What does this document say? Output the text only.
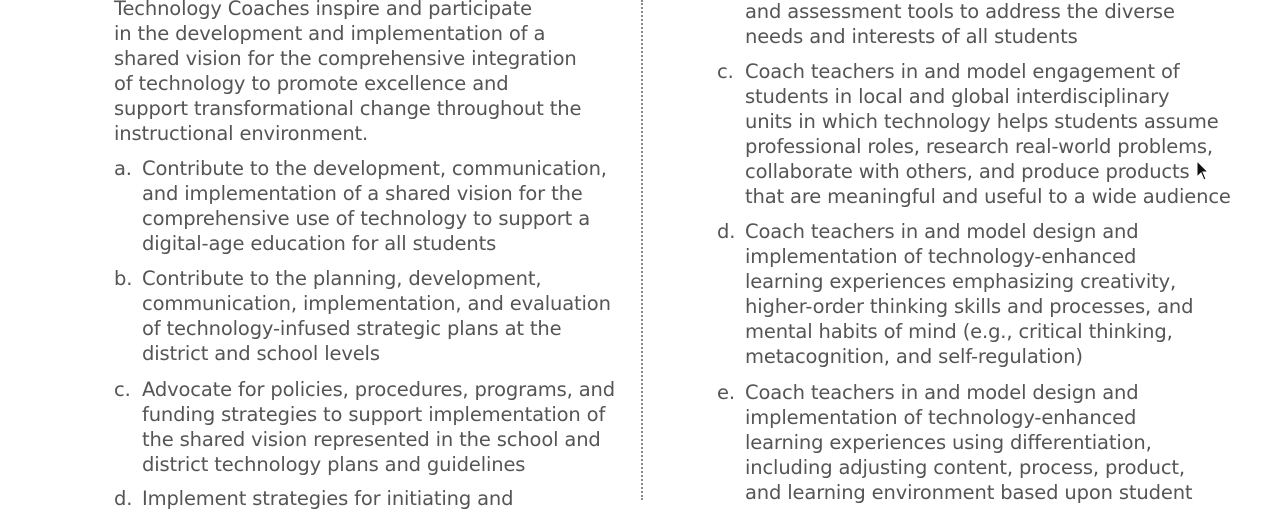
Technology Coaches inspire and participate
in the development and implementation of a
shared vision for the comprehensive integration
of technology to promote excellence and
support transformational change throughout the
instructional environment.
a. Contribute to the development, communication,
and implementation of a shared vision for the
comprehensive use of technology to support a
digital-age education for all students
b. Contribute to the planning, development,
communication, implementation, and evaluation
of technology-infused strategic plans at the
district and school levels
c. Advocate for policies, procedures, programs, and
funding strategies to support implementation of
the shared vision represented in the school and
district technology plans and guidelines
d. Implement strategies for initiating and
and assessment tools to address the diverse
needs and interests of all students
c. Coach teachers in and model engagement of
students in local and global interdisciplinary
units in which technology helps students assume
professional roles, research real-world problems,
collaborate with others, and produce products
that are meaningful and useful to a wide audience
d. Coach teachers in and model design and
implementation of technology-enhanced
learning experiences emphasizing creativity,
higher-order thinking skills and processes, and
mental habits of mind (e.g., critical thinking,
metacognition, and self-regulation)
e. Coach teachers in and model design and
implementation of technology-enhanced
learning experiences using differentiation,
including adjusting content, process, product,
and learning environment based upon student
